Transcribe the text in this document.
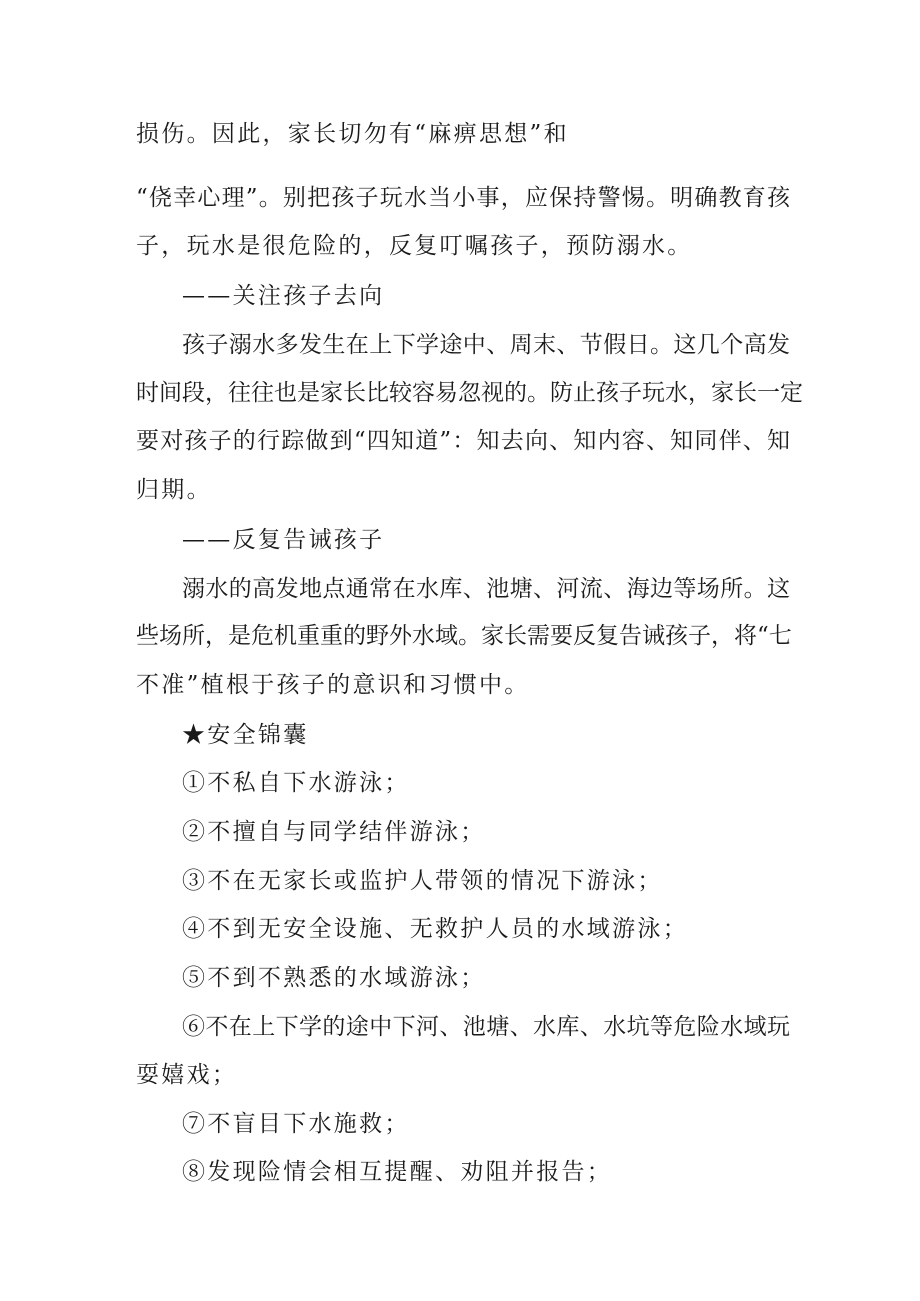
损伤。因此，家长切勿有“麻痹思想”和
“侥幸心理”。别把孩子玩水当小事，应保持警惕。明确教育孩
子，玩水是很危险的，反复叮嘱孩子，预防溺水。
——关注孩子去向
孩子溺水多发生在上下学途中、周末、节假日。这几个高发
时间段，往往也是家长比较容易忽视的。防止孩子玩水，家长一定
要对孩子的行踪做到“四知道”：知去向、知内容、知同伴、知
归期。
——反复告诫孩子
溺水的高发地点通常在水库、池塘、河流、海边等场所。这
些场所，是危机重重的野外水域。家长需要反复告诫孩子，将“七
不准”植根于孩子的意识和习惯中。
★安全锦囊
①不私自下水游泳；
②不擅自与同学结伴游泳；
③不在无家长或监护人带领的情况下游泳；
④不到无安全设施、无救护人员的水域游泳；
⑤不到不熟悉的水域游泳；
⑥不在上下学的途中下河、池塘、水库、水坑等危险水域玩
耍嬉戏；
⑦不盲目下水施救；
⑧发现险情会相互提醒、劝阻并报告；
